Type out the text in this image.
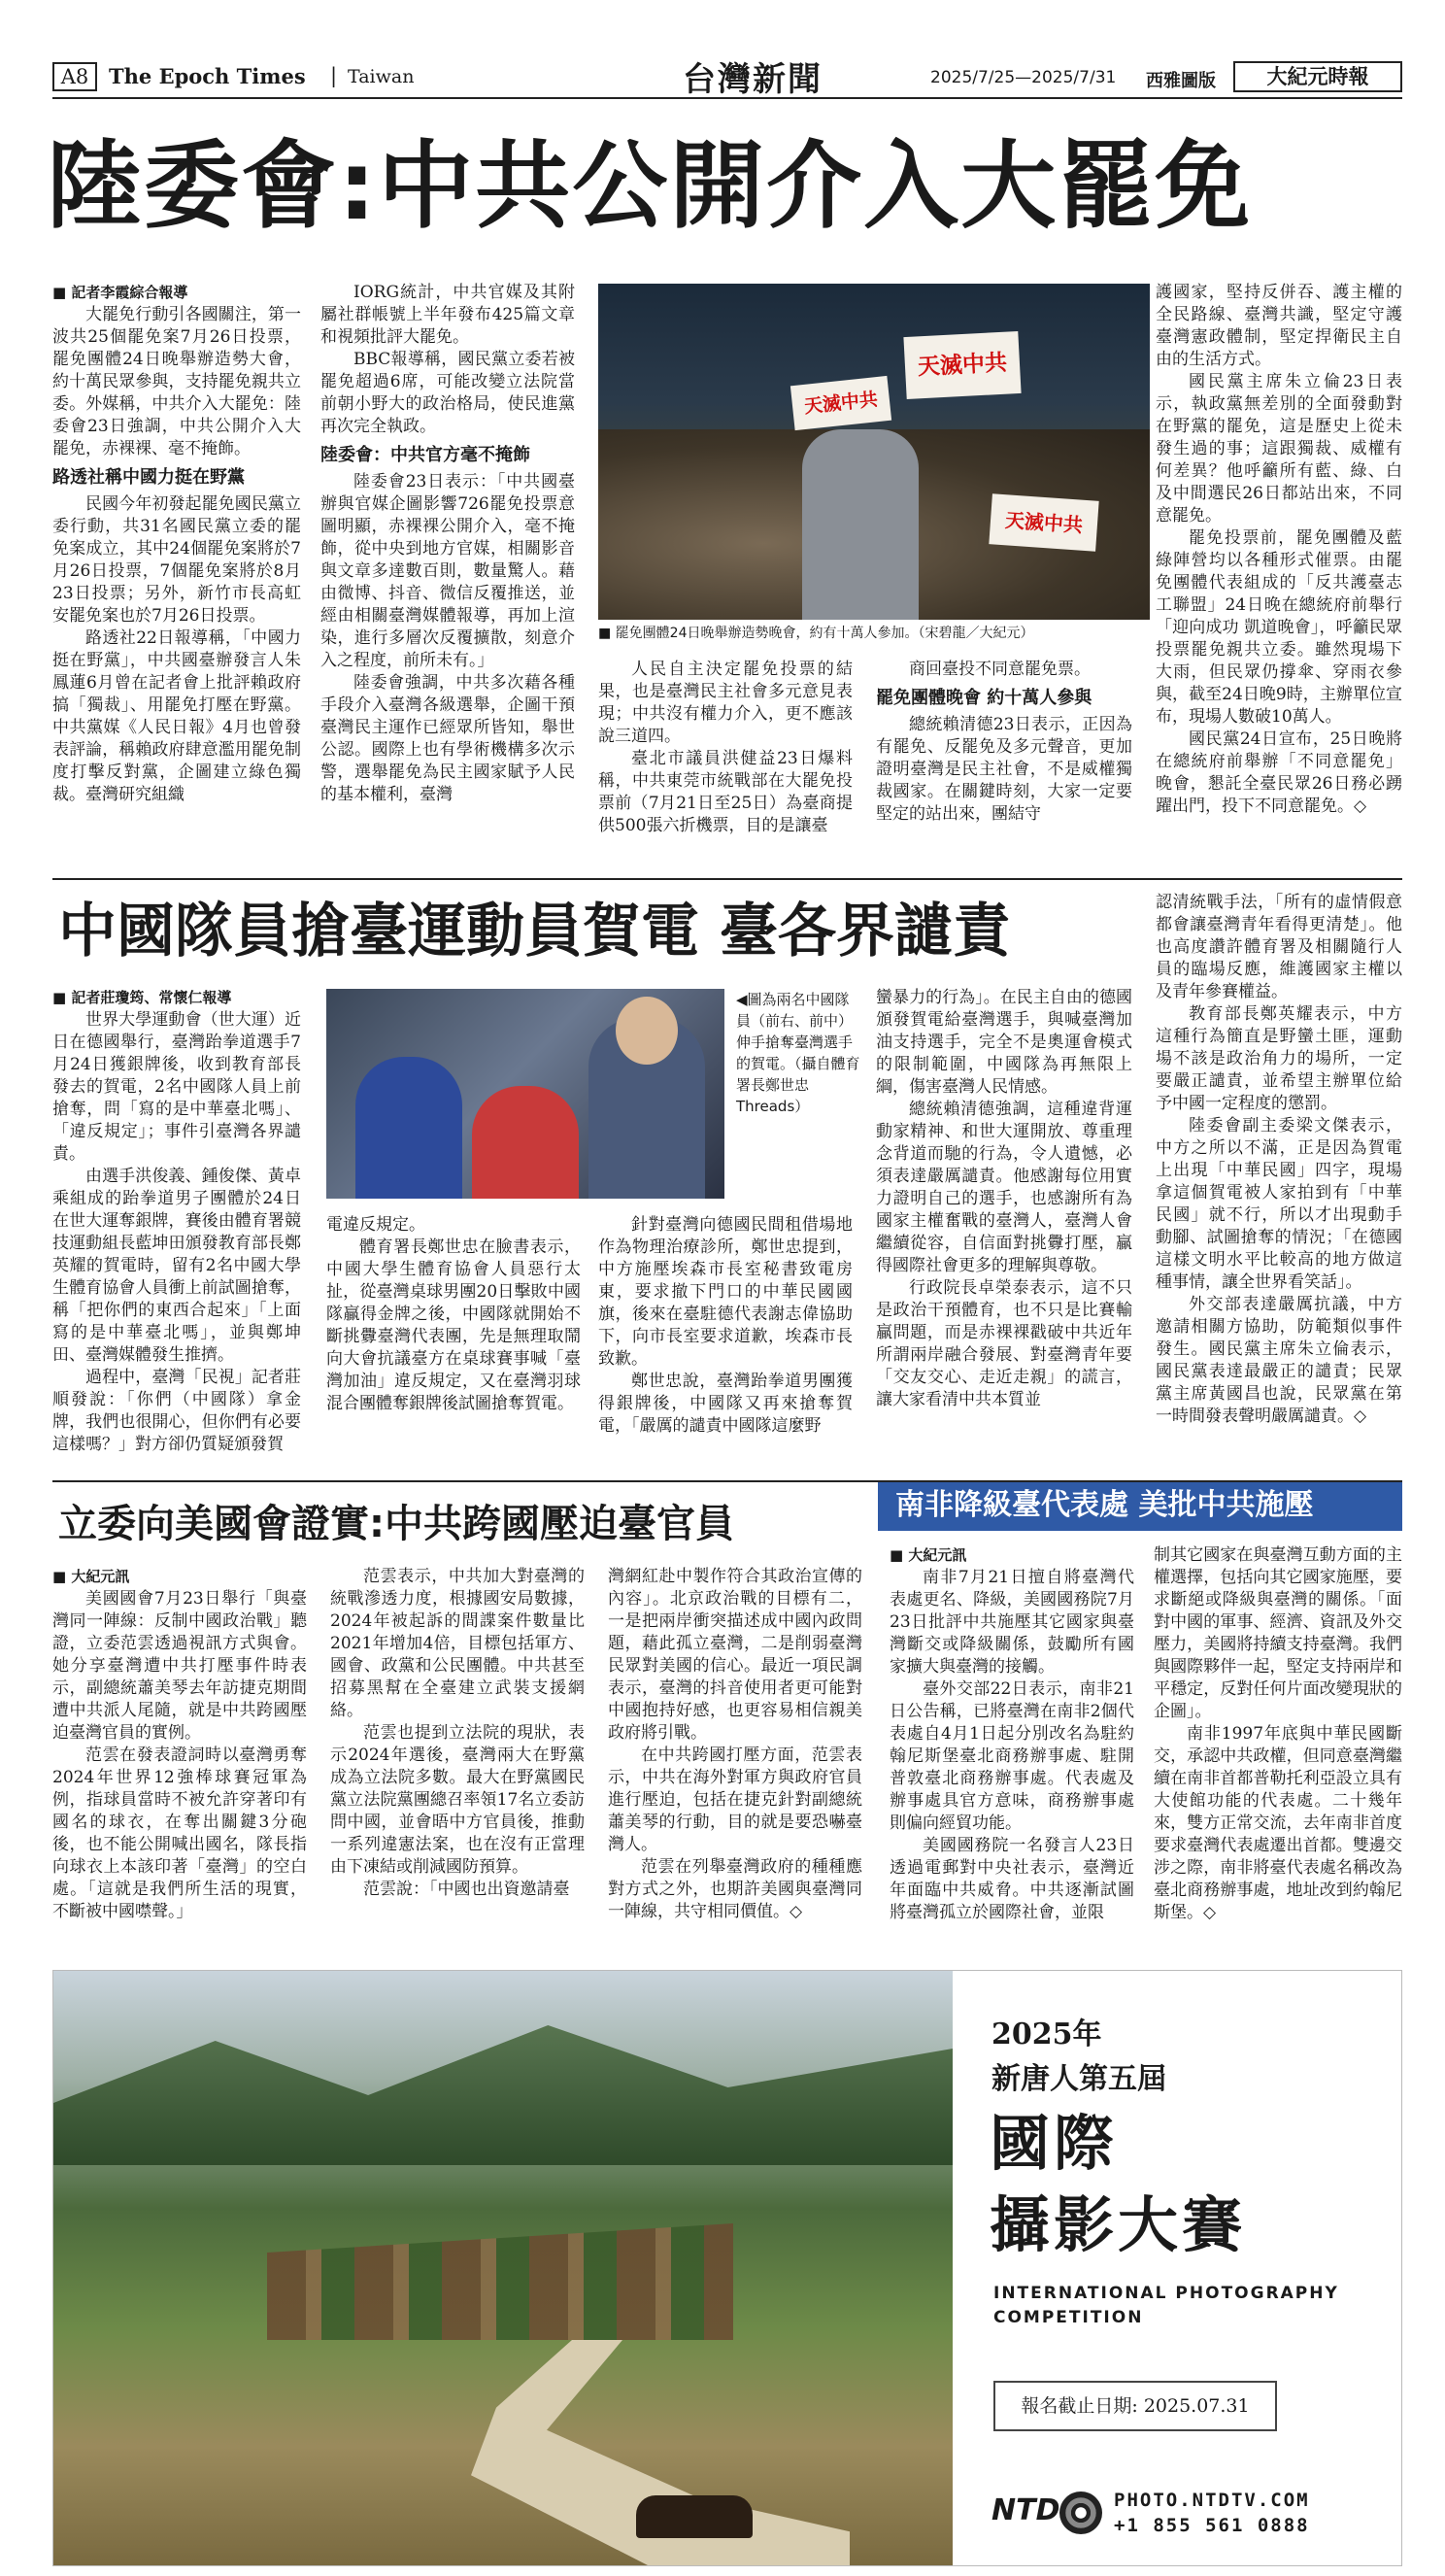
A8 The Epoch Times | Taiwan	台灣新聞	2025/7/25—2025/7/31 西雅圖版	大紀元時報
陸委會:中共公開介入大罷免
■ 記者李霞綜合報導

大罷免行動引各國關注，第一波共25個罷免案7月26日投票，罷免團體24日晚舉辦造勢大會，約十萬民眾參與，支持罷免親共立委。外媒稱，中共介入大罷免：陸委會23日強調，中共公開介入大罷免，赤裸裸、毫不掩飾。

路透社稱中國力挺在野黨

民國今年初發起罷免國民黨立委行動，共31名國民黨立委的罷免案成立，其中24個罷免案將於7月26日投票，7個罷免案將於8月23日投票；另外，新竹市長高虹安罷免案也於7月26日投票。

路透社22日報導稱，「中國力挺在野黨」，中共國臺辦發言人朱鳳蓮6月曾在記者會上批評賴政府搞「獨裁」、用罷免打壓在野黨。中共黨媒《人民日報》4月也曾發表評論，稱賴政府肆意濫用罷免制度打擊反對黨，企圖建立綠色獨裁。臺灣研究組織

IORG統計，中共官媒及其附屬社群帳號上半年發布425篇文章和視頻批評大罷免。

BBC報導稱，國民黨立委若被罷免超過6席，可能改變立法院當前朝小野大的政治格局，使民進黨再次完全執政。

陸委會：中共官方毫不掩飾

陸委會23日表示：「中共國臺辦與官媒企圖影響726罷免投票意圖明顯，赤裸裸公開介入，毫不掩飾，從中央到地方官媒，相關影音與文章多達數百則，數量驚人。藉由微博、抖音、微信反覆推送，並經由相關臺灣媒體報導，再加上渲染，進行多層次反覆擴散，刻意介入之程度，前所未有。」

陸委會強調，中共多次藉各種手段介入臺灣各級選舉，企圖干預臺灣民主運作已經眾所皆知，舉世公認。國際上也有學術機構多次示警，選舉罷免為民主國家賦予人民的基本權利，臺灣

天滅中共
天滅中共
天滅中共
■ 罷免團體24日晚舉辦造勢晚會，約有十萬人參加。（宋碧龍／大紀元）

人民自主決定罷免投票的結果，也是臺灣民主社會多元意見表現；中共沒有權力介入，更不應該說三道四。

臺北市議員洪健益23日爆料稱，中共東莞市統戰部在大罷免投票前（7月21日至25日）為臺商提供500張六折機票，目的是讓臺

商回臺投不同意罷免票。

罷免團體晚會 約十萬人參與

總統賴清德23日表示，正因為有罷免、反罷免及多元聲音，更加證明臺灣是民主社會，不是威權獨裁國家。在關鍵時刻，大家一定要堅定的站出來，團結守

護國家，堅持反併吞、護主權的全民路線、臺灣共識，堅定守護臺灣憲政體制，堅定捍衛民主自由的生活方式。

國民黨主席朱立倫23日表示，執政黨無差別的全面發動對在野黨的罷免，這是歷史上從未發生過的事；這跟獨裁、威權有何差異？他呼籲所有藍、綠、白及中間選民26日都站出來，不同意罷免。

罷免投票前，罷免團體及藍綠陣營均以各種形式催票。由罷免團體代表組成的「反共護臺志工聯盟」24日晚在總統府前舉行「迎向成功 凱道晚會」，呼籲民眾投票罷免親共立委。雖然現場下大雨，但民眾仍撐傘、穿雨衣參與，截至24日晚9時，主辦單位宣布，現場人數破10萬人。

國民黨24日宣布，25日晚將在總統府前舉辦「不同意罷免」晚會，懇託全臺民眾26日務必踴躍出門，投下不同意罷免。◇

中國隊員搶臺運動員賀電 臺各界譴責
■ 記者莊瓊筠、常懷仁報導

世界大學運動會（世大運）近日在德國舉行，臺灣跆拳道選手7月24日獲銀牌後，收到教育部長發去的賀電，2名中國隊人員上前搶奪，問「寫的是中華臺北嗎」、「違反規定」；事件引臺灣各界譴責。

由選手洪俊義、鍾俊傑、黃卓乘組成的跆拳道男子團體於24日在世大運奪銀牌，賽後由體育署競技運動組長藍坤田頒發教育部長鄭英耀的賀電時，留有2名中國大學生體育協會人員衝上前試圖搶奪，稱「把你們的東西合起來」「上面寫的是中華臺北嗎」，並與鄭坤田、臺灣媒體發生推擠。

過程中，臺灣「民視」記者莊順發說：「你們（中國隊）拿金牌，我們也很開心，但你們有必要這樣嗎？」對方卻仍質疑頒發賀

◀圖為兩名中國隊員（前右、前中）伸手搶奪臺灣選手的賀電。（攝自體育署長鄭世忠Threads）

電違反規定。

體育署長鄭世忠在臉書表示，中國大學生體育協會人員惡行太扯，從臺灣桌球男團20日擊敗中國隊贏得金牌之後，中國隊就開始不斷挑釁臺灣代表團，先是無理取鬧向大會抗議臺方在桌球賽事喊「臺灣加油」違反規定，又在臺灣羽球混合團體奪銀牌後試圖搶奪賀電。

針對臺灣向德國民間租借場地作為物理治療診所，鄭世忠提到，中方施壓埃森市長室秘書致電房東，要求撤下門口的中華民國國旗，後來在臺駐德代表謝志偉協助下，向市長室要求道歉，埃森市長致歉。

鄭世忠說，臺灣跆拳道男團獲得銀牌後，中國隊又再來搶奪賀電，「嚴厲的譴責中國隊這麼野

蠻暴力的行為」。在民主自由的德國頒發賀電給臺灣選手，與喊臺灣加油支持選手，完全不是奧運會模式的限制範圍，中國隊為再無限上綱，傷害臺灣人民情感。

總統賴清德強調，這種違背運動家精神、和世大運開放、尊重理念背道而馳的行為，令人遺憾，必須表達嚴厲譴責。他感謝每位用實力證明自己的選手，也感謝所有為國家主權奮戰的臺灣人，臺灣人會繼續從容，自信面對挑釁打壓，贏得國際社會更多的理解與尊敬。

行政院長卓榮泰表示，這不只是政治干預體育，也不只是比賽輸贏問題，而是赤裸裸戳破中共近年所謂兩岸融合發展、對臺灣青年要「交友交心、走近走親」的謊言，讓大家看清中共本質並

認清統戰手法，「所有的虛情假意都會讓臺灣青年看得更清楚」。他也高度讚許體育署及相關隨行人員的臨場反應，維護國家主權以及青年參賽權益。

教育部長鄭英耀表示，中方這種行為簡直是野蠻土匪，運動場不該是政治角力的場所，一定要嚴正譴責，並希望主辦單位給予中國一定程度的懲罰。

陸委會副主委梁文傑表示，中方之所以不滿，正是因為賀電上出現「中華民國」四字，現場拿這個賀電被人家拍到有「中華民國」就不行，所以才出現動手動腳、試圖搶奪的情況；「在德國這樣文明水平比較高的地方做這種事情，讓全世界看笑話」。

外交部表達嚴厲抗議，中方邀請相關方協助，防範類似事件發生。國民黨主席朱立倫表示，國民黨表達最嚴正的譴責；民眾黨主席黃國昌也說，民眾黨在第一時間發表聲明嚴厲譴責。◇

立委向美國會證實:中共跨國壓迫臺官員
■ 大紀元訊

美國國會7月23日舉行「與臺灣同一陣線：反制中國政治戰」聽證，立委范雲透過視訊方式與會。她分享臺灣遭中共打壓事件時表示，副總統蕭美琴去年訪捷克期間遭中共派人尾隨，就是中共跨國壓迫臺灣官員的實例。

范雲在發表證詞時以臺灣勇奪2024年世界12強棒球賽冠軍為例，指球員當時不被允許穿著印有國名的球衣，在奪出關鍵3分砲後，也不能公開喊出國名，隊長指向球衣上本該印著「臺灣」的空白處。「這就是我們所生活的現實，不斷被中國噤聲。」

范雲表示，中共加大對臺灣的統戰滲透力度，根據國安局數據，2024年被起訴的間諜案件數量比2021年增加4倍，目標包括軍方、國會、政黨和公民團體。中共甚至招募黑幫在全臺建立武裝支援網絡。

范雲也提到立法院的現狀，表示2024年選後，臺灣兩大在野黨成為立法院多數。最大在野黨國民黨立法院黨團總召率領17名立委訪問中國，並會晤中方官員後，推動一系列違憲法案，也在沒有正當理由下凍結或削減國防預算。

范雲說：「中國也出資邀請臺

灣網紅赴中製作符合其政治宣傳的內容」。北京政治戰的目標有二，一是把兩岸衝突描述成中國內政問題，藉此孤立臺灣，二是削弱臺灣民眾對美國的信心。最近一項民調表示，臺灣的抖音使用者更可能對中國抱持好感，也更容易相信親美政府將引戰。

在中共跨國打壓方面，范雲表示，中共在海外對軍方與政府官員進行壓迫，包括在捷克針對副總統蕭美琴的行動，目的就是要恐嚇臺灣人。

范雲在列舉臺灣政府的種種應對方式之外，也期許美國與臺灣同一陣線，共守相同價值。◇

南非降級臺代表處 美批中共施壓
■ 大紀元訊

南非7月21日擅自將臺灣代表處更名、降級，美國國務院7月23日批評中共施壓其它國家與臺灣斷交或降級關係，鼓勵所有國家擴大與臺灣的接觸。

臺外交部22日表示，南非21日公告稱，已將臺灣在南非2個代表處自4月1日起分別改名為駐約翰尼斯堡臺北商務辦事處、駐開普敦臺北商務辦事處。代表處及辦事處具官方意味，商務辦事處則偏向經貿功能。

美國國務院一名發言人23日透過電郵對中央社表示，臺灣近年面臨中共威脅。中共逐漸試圖將臺灣孤立於國際社會，並限

制其它國家在與臺灣互動方面的主權選擇，包括向其它國家施壓，要求斷絕或降級與臺灣的關係。「面對中國的軍事、經濟、資訊及外交壓力，美國將持續支持臺灣。我們與國際夥伴一起，堅定支持兩岸和平穩定，反對任何片面改變現狀的企圖」。

南非1997年底與中華民國斷交，承認中共政權，但同意臺灣繼續在南非首都普勒托利亞設立具有大使館功能的代表處。二十幾年來，雙方正常交流，去年南非首度要求臺灣代表處遷出首都。雙邊交涉之際，南非將臺代表處名稱改為臺北商務辦事處，地址改到約翰尼斯堡。◇

2025年
新唐人第五屆
國際
攝影大賽
INTERNATIONAL PHOTOGRAPHY COMPETITION
報名截止日期: 2025.07.31
NTD	PHOTO.NTDTV.COM
+1 855 561 0888
